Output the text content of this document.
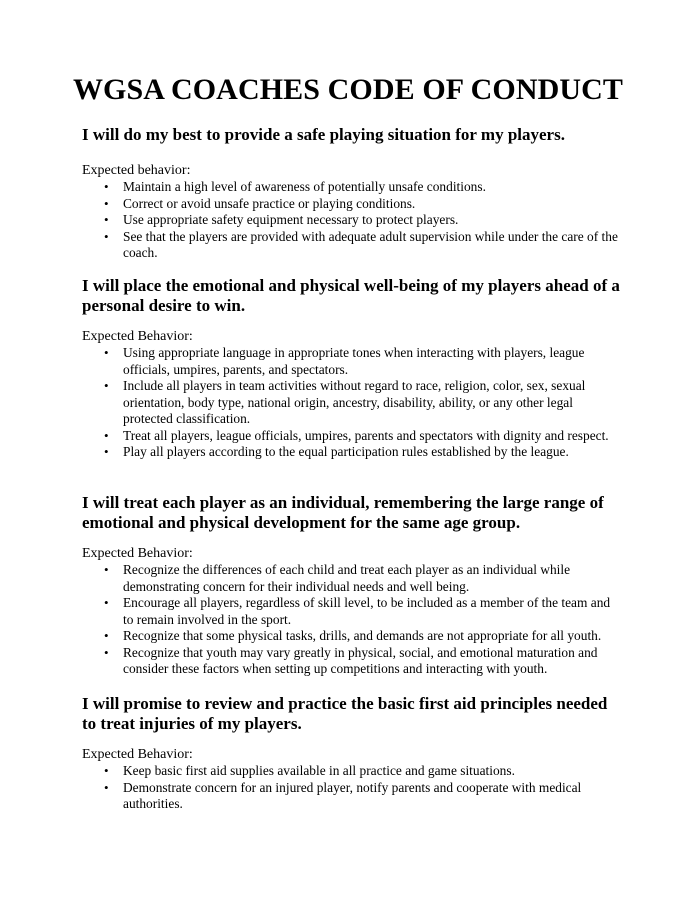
WGSA COACHES CODE OF CONDUCT

I will do my best to provide a safe playing situation for my players.

Expected behavior:

• Maintain a high level of awareness of potentially unsafe conditions.
• Correct or avoid unsafe practice or playing conditions.
• Use appropriate safety equipment necessary to protect players.
• See that the players are provided with adequate adult supervision while under the care of the coach.

I will place the emotional and physical well-being of my players ahead of a personal desire to win.

Expected Behavior:

• Using appropriate language in appropriate tones when interacting with players, league officials, umpires, parents, and spectators.
• Include all players in team activities without regard to race, religion, color, sex, sexual orientation, body type, national origin, ancestry, disability, ability, or any other legal protected classification.
• Treat all players, league officials, umpires, parents and spectators with dignity and respect.
• Play all players according to the equal participation rules established by the league.

I will treat each player as an individual, remembering the large range of emotional and physical development for the same age group.

Expected Behavior:

• Recognize the differences of each child and treat each player as an individual while demonstrating concern for their individual needs and well being.
• Encourage all players, regardless of skill level, to be included as a member of the team and to remain involved in the sport.
• Recognize that some physical tasks, drills, and demands are not appropriate for all youth.
• Recognize that youth may vary greatly in physical, social, and emotional maturation and consider these factors when setting up competitions and interacting with youth.

I will promise to review and practice the basic first aid principles needed to treat injuries of my players.

Expected Behavior:

• Keep basic first aid supplies available in all practice and game situations.
• Demonstrate concern for an injured player, notify parents and cooperate with medical authorities.
